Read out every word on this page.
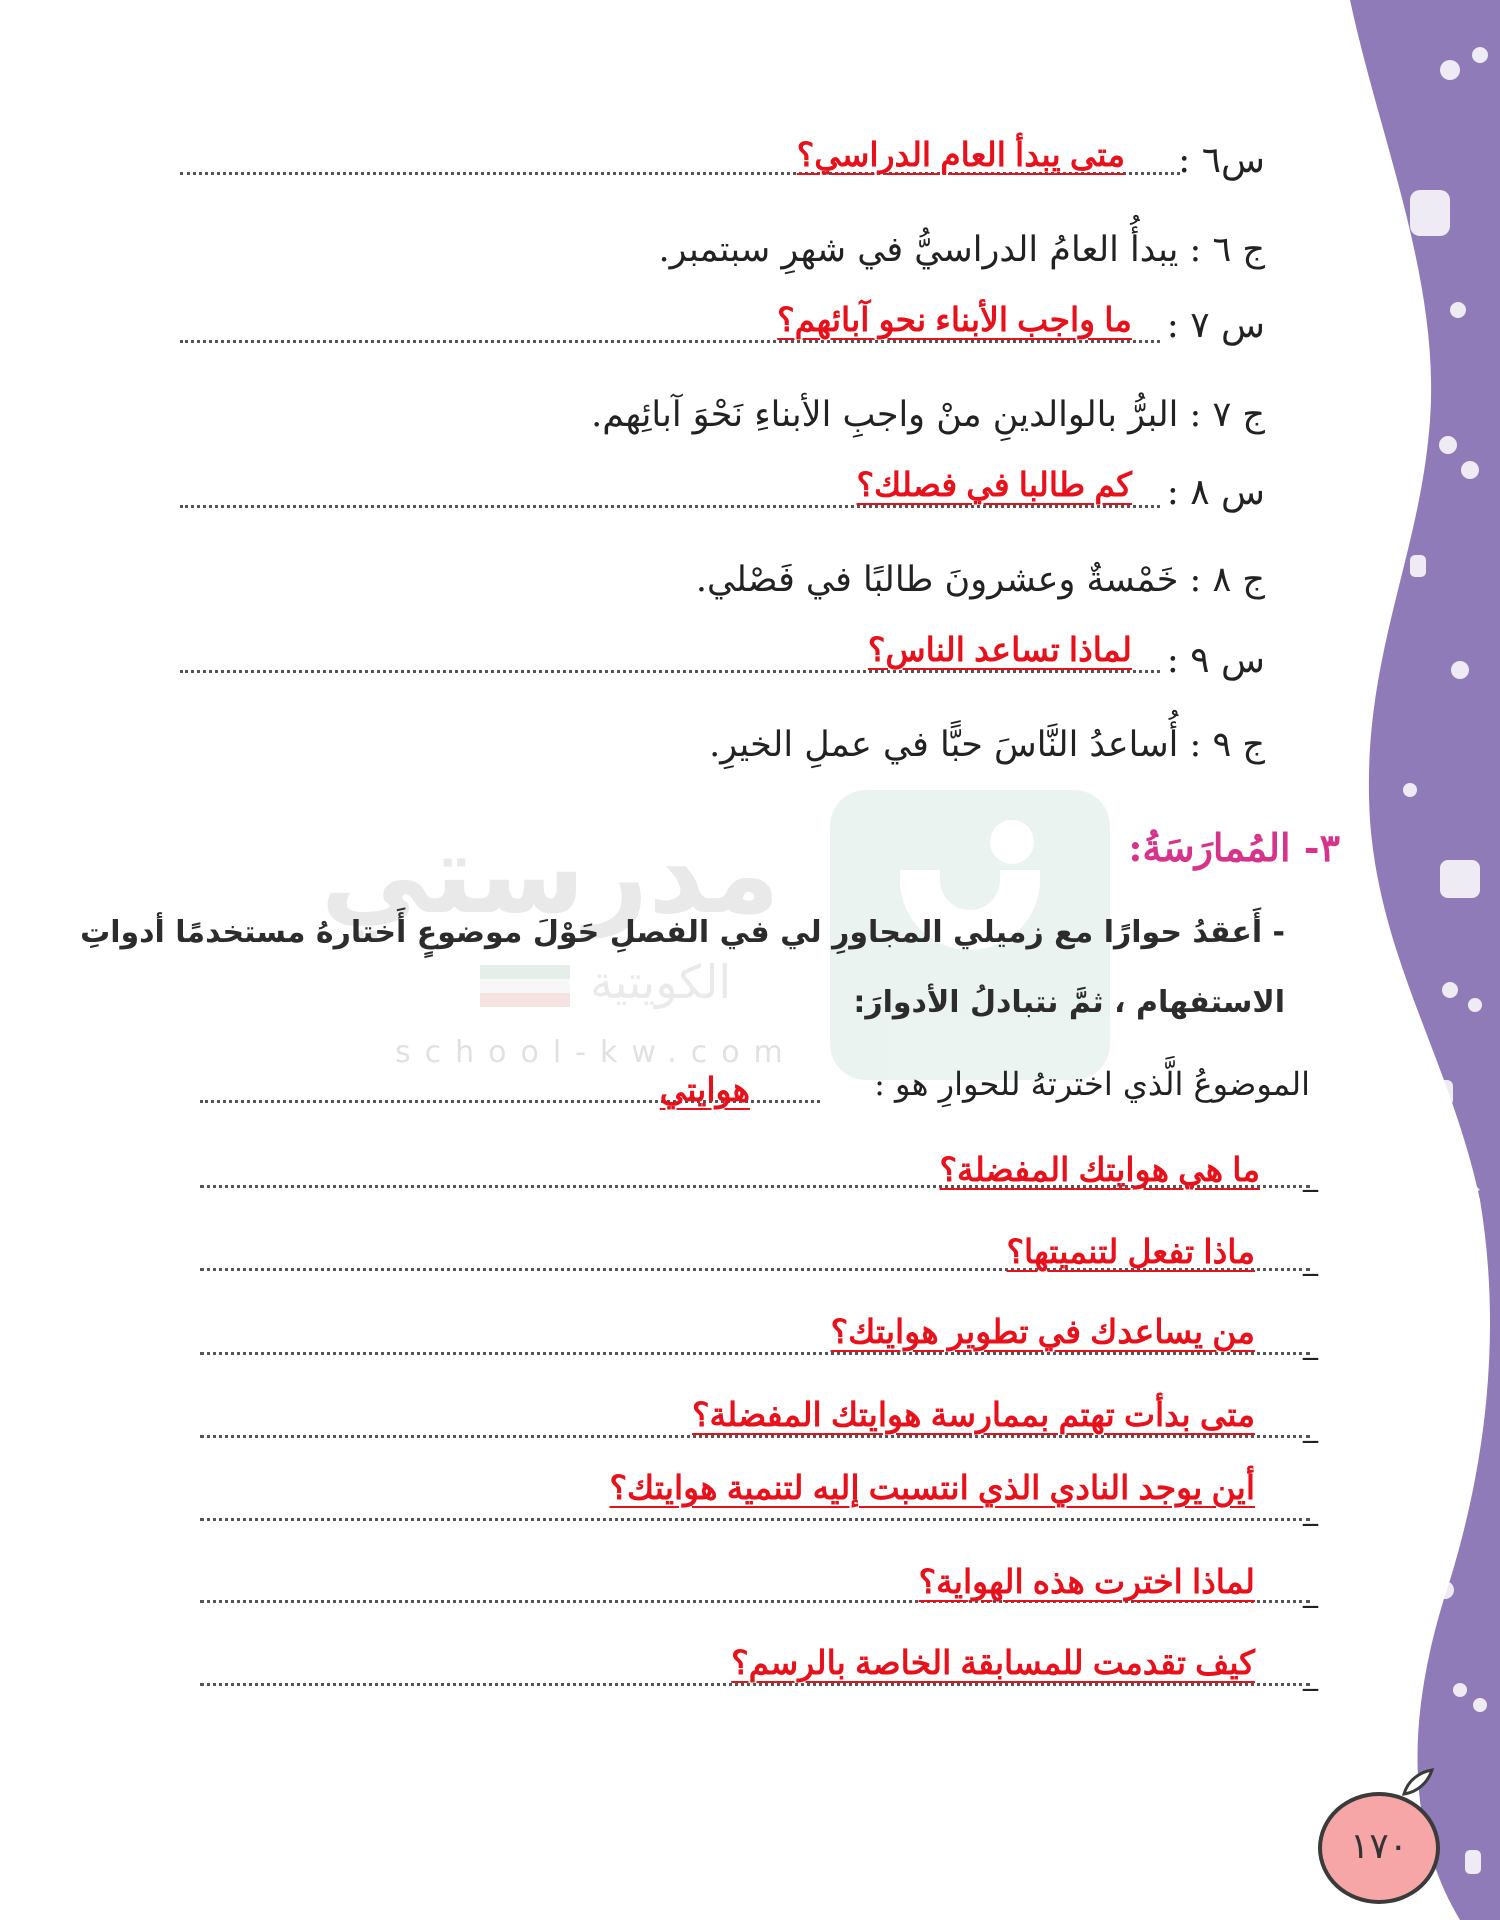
مدرستي
الكويتية
school-kw.com
س٦ :
متى يبدأ العام الدراسي؟
ج ٦ : يبدأُ العامُ الدراسيُّ في شهرِ سبتمبر.
س ٧ :
ما واجب الأبناء نحو آبائهم؟
ج ٧ : البرُّ بالوالدينِ منْ واجبِ الأبناءِ نَحْوَ آبائِهم.
س ٨ :
كم طالبا في فصلك؟
ج ٨ : خَمْسةٌ وعشرونَ طالبًا في فَصْلي.
س ٩ :
لماذا تساعد الناس؟
ج ٩ : أُساعدُ النَّاسَ حبًّا في عملِ الخيرِ.
٣- المُمارَسَةُ:
- أَعقدُ حوارًا مع زميلي المجاورِ لي في الفصلِ حَوْلَ موضوعٍ أَختارهُ مستخدمًا أدواتِ
الاستفهام ، ثمَّ نتبادلُ الأدوارَ:
الموضوعُ الَّذي اخترتهُ للحوارِ هو :
هوايتي
_
ما هي هوايتك المفضلة؟
_
ماذا تفعل لتنميتها؟
_
من يساعدك في تطوير هوايتك؟
_
متى بدأت تهتم بممارسة هوايتك المفضلة؟
_
أين يوجد النادي الذي انتسبت إليه لتنمية هوايتك؟
_
لماذا اخترت هذه الهواية؟
_
كيف تقدمت للمسابقة الخاصة بالرسم؟
١٧٠
